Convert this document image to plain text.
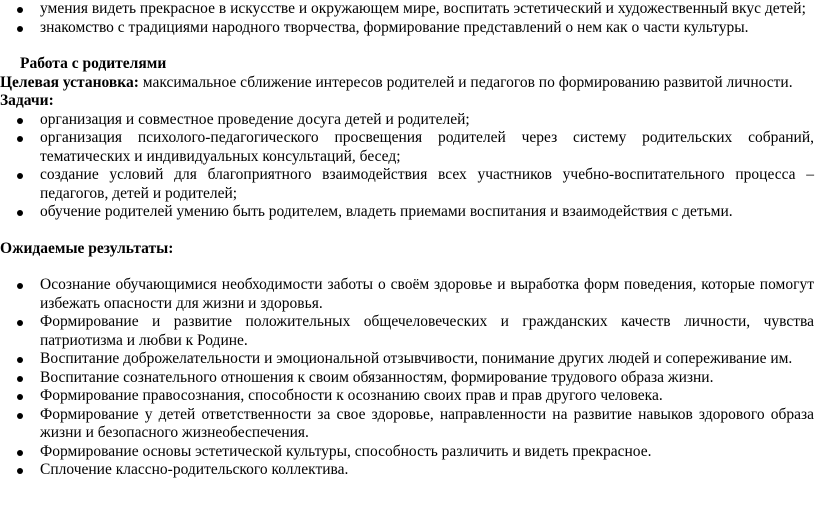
умения видеть прекрасное в искусстве и окружающем мире, воспитать эстетический и художественный вкус детей;
знакомство с традициями народного творчества, формирование представлений о нем как о части культуры.
Работа с родителями
Целевая установка: максимальное сближение интересов родителей и педагогов по формированию развитой личности.
Задачи:
организация и совместное проведение досуга детей и родителей;
организация психолого-педагогического просвещения родителей через систему родительских собраний, тематических и индивидуальных консультаций, бесед;
создание условий для благоприятного взаимодействия всех участников учебно-воспитательного процесса – педагогов, детей и родителей;
обучение родителей умению быть родителем, владеть приемами воспитания и взаимодействия с детьми.
Ожидаемые результаты:
Осознание обучающимися необходимости заботы о своём здоровье и выработка форм поведения, которые помогут избежать опасности для жизни и здоровья.
Формирование и развитие положительных общечеловеческих и гражданских качеств личности, чувства патриотизма и любви к Родине.
Воспитание доброжелательности и эмоциональной отзывчивости, понимание других людей и сопереживание им.
Воспитание сознательного отношения к своим обязанностям, формирование трудового образа жизни.
Формирование правосознания, способности к осознанию своих прав и прав другого человека.
Формирование у детей ответственности за свое здоровье, направленности на развитие навыков здорового образа жизни и безопасного жизнеобеспечения.
Формирование основы эстетической культуры, способность различить и видеть прекрасное.
Сплочение классно-родительского коллектива.
